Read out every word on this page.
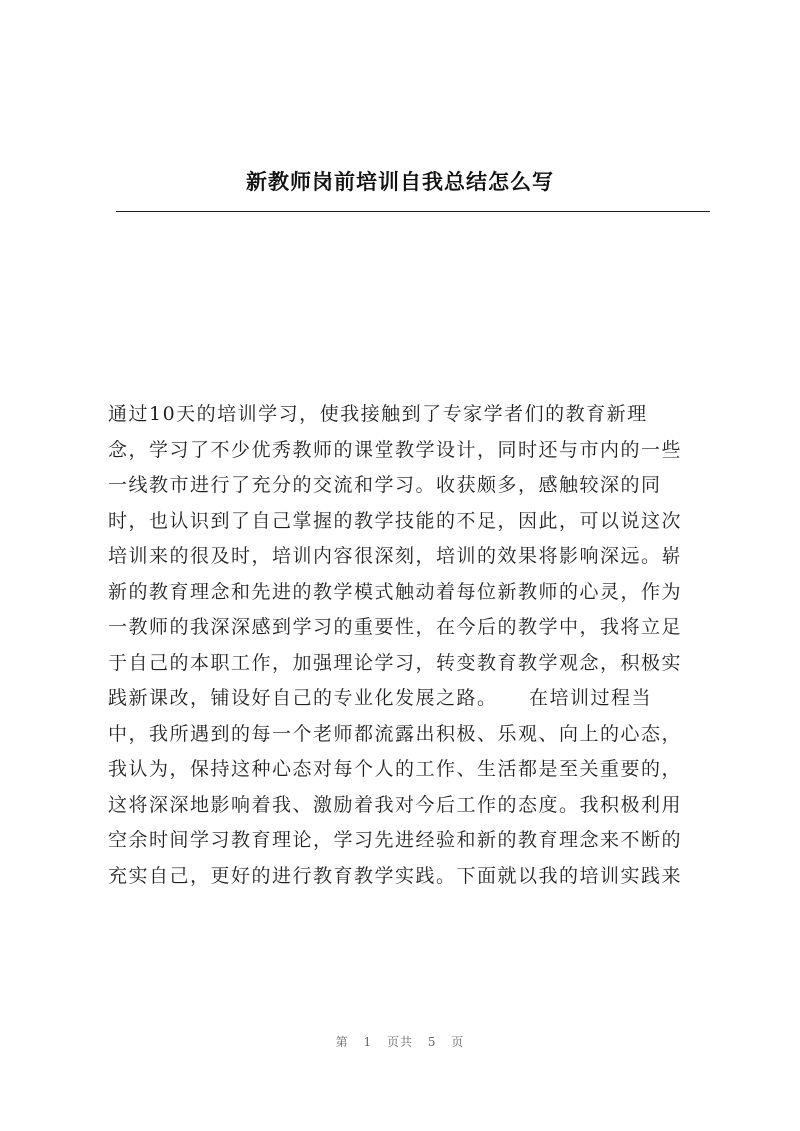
新教师岗前培训自我总结怎么写
通过10天的培训学习，使我接触到了专家学者们的教育新理
念，学习了不少优秀教师的课堂教学设计，同时还与市内的一些
一线教市进行了充分的交流和学习。收获颇多，感触较深的同
时，也认识到了自己掌握的教学技能的不足，因此，可以说这次
培训来的很及时，培训内容很深刻，培训的效果将影响深远。崭
新的教育理念和先进的教学模式触动着每位新教师的心灵，作为
一教师的我深深感到学习的重要性，在今后的教学中，我将立足
于自己的本职工作，加强理论学习，转变教育教学观念，积极实
践新课改，铺设好自己的专业化发展之路。　　在培训过程当
中，我所遇到的每一个老师都流露出积极、乐观、向上的心态，
我认为，保持这种心态对每个人的工作、生活都是至关重要的，
这将深深地影响着我、激励着我对今后工作的态度。我积极利用
空余时间学习教育理论，学习先进经验和新的教育理念来不断的
充实自己，更好的进行教育教学实践。下面就以我的培训实践来
第 1 页共 5 页
